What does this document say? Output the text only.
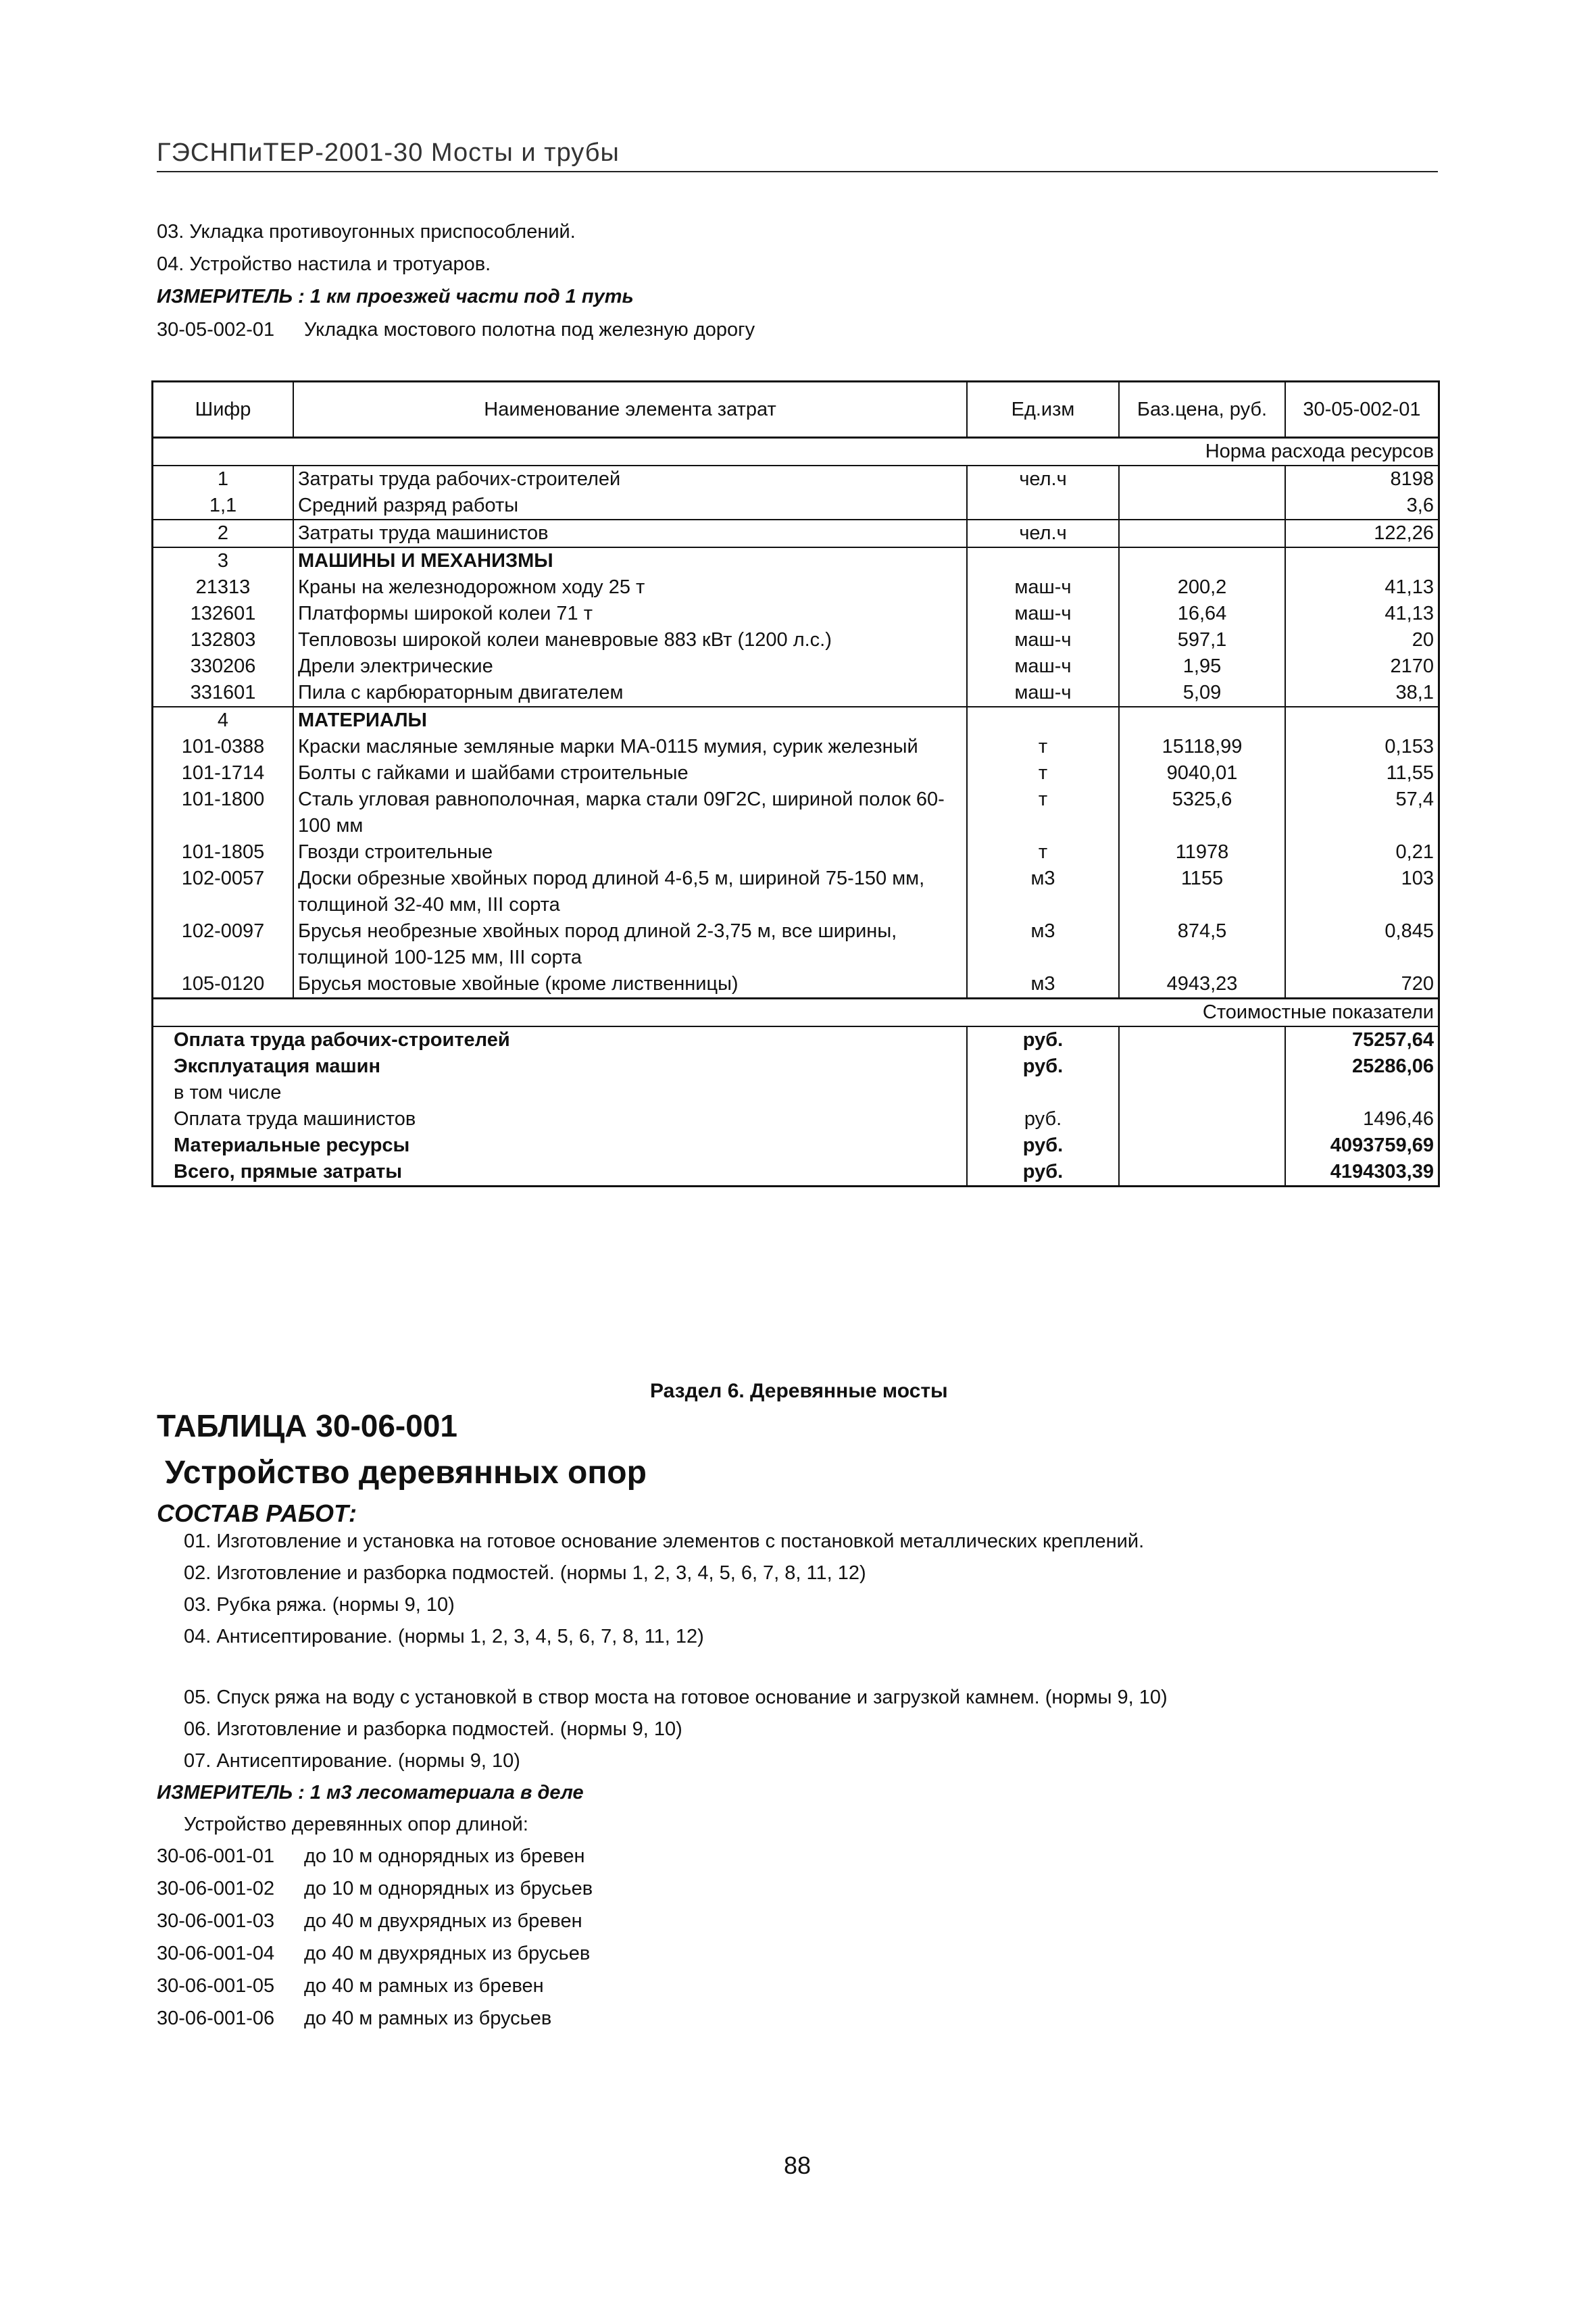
ГЭСНПиТЕР-2001-30 Мосты и трубы
03. Укладка противоугонных приспособлений.
04. Устройство настила и тротуаров.
ИЗМЕРИТЕЛЬ : 1 км проезжей части под 1 путь
30-05-002-01 Укладка мостового полотна под железную дорогу
Шифр	Наименование элемента затрат	Ед.изм	Баз.цена, руб.	30-05-002-01
Норма расхода ресурсов				
1	Затраты труда рабочих-строителей	чел.ч		8198
1,1	Средний разряд работы			3,6
2	Затраты труда машинистов	чел.ч		122,26
3	МАШИНЫ И МЕХАНИЗМЫ			
21313	Краны на железнодорожном ходу 25 т	маш-ч	200,2	41,13
132601	Платформы широкой колеи 71 т	маш-ч	16,64	41,13
132803	Тепловозы широкой колеи маневровые 883 кВт (1200 л.с.)	маш-ч	597,1	20
330206	Дрели электрические	маш-ч	1,95	2170
331601	Пила с карбюраторным двигателем	маш-ч	5,09	38,1
4	МАТЕРИАЛЫ			
101-0388	Краски масляные земляные марки МА-0115 мумия, сурик железный	т	15118,99	0,153
101-1714	Болты с гайками и шайбами строительные	т	9040,01	11,55
101-1800	Сталь угловая равнополочная, марка стали 09Г2С, шириной полок 60-100 мм	т	5325,6	57,4
101-1805	Гвозди строительные	т	11978	0,21
102-0057	Доски обрезные хвойных пород длиной 4-6,5 м, шириной 75-150 мм, толщиной 32-40 мм, III сорта	м3	1155	103
102-0097	Брусья необрезные хвойных пород длиной 2-3,75 м, все ширины, толщиной 100-125 мм, III сорта	м3	874,5	0,845
105-0120	Брусья мостовые хвойные (кроме лиственницы)	м3	4943,23	720
Стоимостные показатели				
Оплата труда рабочих-строителей		руб.		75257,64
Эксплуатация машин		руб.		25286,06
в том числе				
Оплата труда машинистов		руб.		1496,46
Материальные ресурсы		руб.		4093759,69
Всего, прямые затраты		руб.		4194303,39
Раздел 6. Деревянные мосты
ТАБЛИЦА 30-06-001
Устройство деревянных опор
СОСТАВ РАБОТ:
01. Изготовление и установка на готовое основание элементов с постановкой металлических креплений.
02. Изготовление и разборка подмостей. (нормы 1, 2, 3, 4, 5, 6, 7, 8, 11, 12)
03. Рубка ряжа. (нормы 9, 10)
04. Антисептирование. (нормы 1, 2, 3, 4, 5, 6, 7, 8, 11, 12)
05. Спуск ряжа на воду с установкой в створ моста на готовое основание и загрузкой камнем. (нормы 9, 10)
06. Изготовление и разборка подмостей. (нормы 9, 10)
07. Антисептирование. (нормы 9, 10)
ИЗМЕРИТЕЛЬ : 1 м3 лесоматериала в деле
Устройство деревянных опор длиной:
30-06-001-01 до 10 м однорядных из бревен
30-06-001-02 до 10 м однорядных из брусьев
30-06-001-03 до 40 м двухрядных из бревен
30-06-001-04 до 40 м двухрядных из брусьев
30-06-001-05 до 40 м рамных из бревен
30-06-001-06 до 40 м рамных из брусьев
88
